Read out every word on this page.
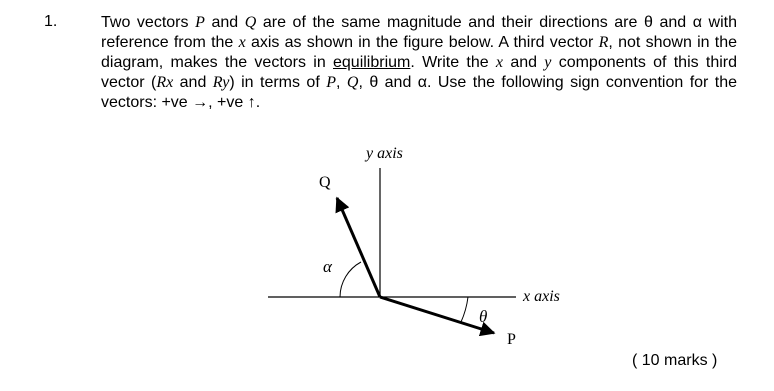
1.	Two vectors P and Q are of the same magnitude and their directions are θ and α with reference from the x axis as shown in the figure below. A third vector R, not shown in the diagram, makes the vectors in equilibrium. Write the x and y components of this third vector (Rx and Ry) in terms of P, Q, θ and α. Use the following sign convention for the vectors: +ve →, +ve ↑.
y axis
x axis
Q
P
α
θ
( 10 marks )
